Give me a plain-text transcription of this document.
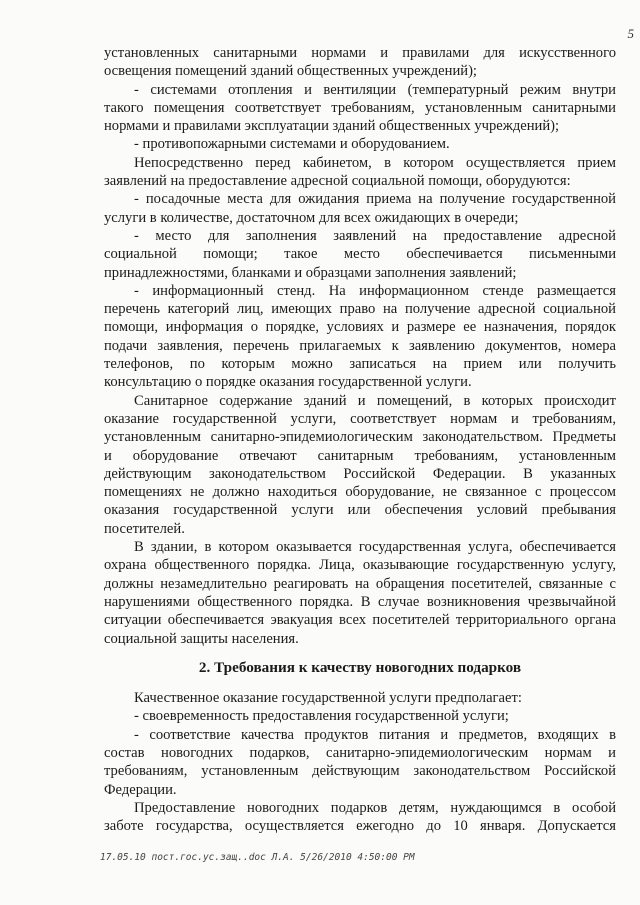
5
установленных санитарными нормами и правилами для искусственного
освещения помещений зданий общественных учреждений);
- системами отопления и вентиляции (температурный режим внутри
такого помещения соответствует требованиям, установленным санитарными
нормами и правилами эксплуатации зданий общественных учреждений);
- противопожарными системами и оборудованием.
Непосредственно перед кабинетом, в котором осуществляется прием
заявлений на предоставление адресной социальной помощи, оборудуются:
- посадочные места для ожидания приема на получение государственной
услуги в количестве, достаточном для всех ожидающих в очереди;
- место для заполнения заявлений на предоставление адресной
социальной помощи; такое место обеспечивается письменными
принадлежностями, бланками и образцами заполнения заявлений;
- информационный стенд. На информационном стенде размещается
перечень категорий лиц, имеющих право на получение адресной социальной
помощи, информация о порядке, условиях и размере ее назначения, порядок
подачи заявления, перечень прилагаемых к заявлению документов, номера
телефонов, по которым можно записаться на прием или получить
консультацию о порядке оказания государственной услуги.
Санитарное содержание зданий и помещений, в которых происходит
оказание государственной услуги, соответствует нормам и требованиям,
установленным санитарно-эпидемиологическим законодательством. Предметы
и оборудование отвечают санитарным требованиям, установленным
действующим законодательством Российской Федерации. В указанных
помещениях не должно находиться оборудование, не связанное с процессом
оказания государственной услуги или обеспечения условий пребывания
посетителей.
В здании, в котором оказывается государственная услуга, обеспечивается
охрана общественного порядка. Лица, оказывающие государственную услугу,
должны незамедлительно реагировать на обращения посетителей, связанные с
нарушениями общественного порядка. В случае возникновения чрезвычайной
ситуации обеспечивается эвакуация всех посетителей территориального органа
социальной защиты населения.
2. Требования к качеству новогодних подарков
Качественное оказание государственной услуги предполагает:
- своевременность предоставления государственной услуги;
- соответствие качества продуктов питания и предметов, входящих в
состав новогодних подарков, санитарно-эпидемиологическим нормам и
требованиям, установленным действующим законодательством Российской
Федерации.
Предоставление новогодних подарков детям, нуждающимся в особой
заботе государства, осуществляется ежегодно до 10 января. Допускается
17.05.10 пост.гос.ус.защ..doc Л.А. 5/26/2010 4:50:00 PM
